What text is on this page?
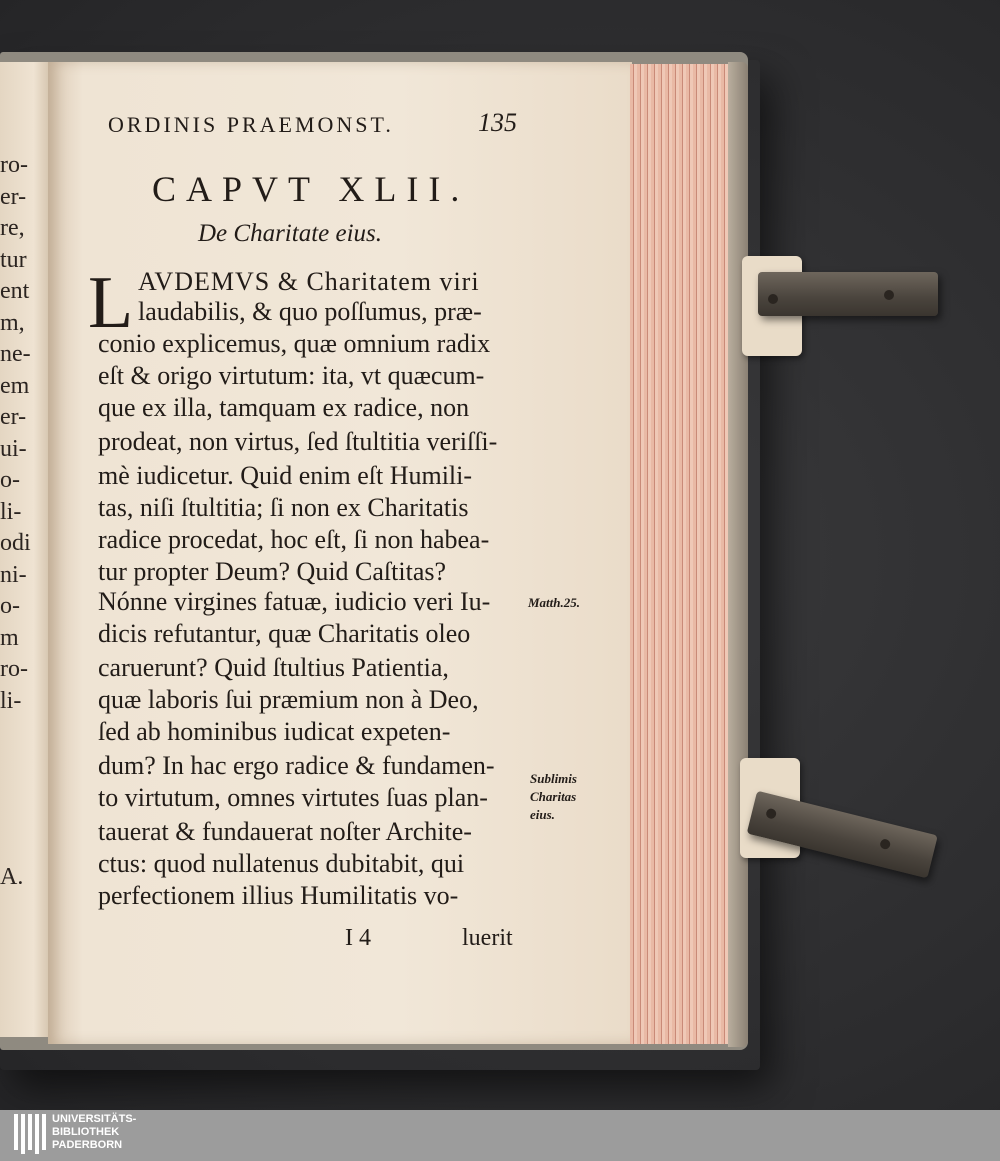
ro-
er-
re,
tur
ent
m,
ne-
em
er-
ui-
o-
li-
odi
ni-
o-
m
ro-
li-
A.
ORDINIS PRAEMONST.	135
CAPVT XLII.
De Charitate eius.
L AVDEMVS & Charitatem viri
laudabilis, & quo poſſumus, præ-
conio explicemus, quæ omnium radix
eſt & origo virtutum: ita, vt quæcum-
que ex illa, tamquam ex radice, non
prodeat, non virtus, ſed ſtultitia veriſſi-
mè iudicetur. Quid enim eſt Humili-
tas, niſi ſtultitia; ſi non ex Charitatis
radice procedat, hoc eſt, ſi non habea-
tur propter Deum? Quid Caſtitas?
Nónne virgines fatuæ, iudicio veri Iu-
dicis refutantur, quæ Charitatis oleo
caruerunt? Quid ſtultius Patientia,
quæ laboris ſui præmium non à Deo,
ſed ab hominibus iudicat expeten-
dum? In hac ergo radice & fundamen-
to virtutum, omnes virtutes ſuas plan-
tauerat & fundauerat noſter Archite-
ctus: quod nullatenus dubitabit, qui
perfectionem illius Humilitatis vo-
Matth.25.
Sublimis
Charitas
eius.
I 4	luerit
UNIVERSITÄTS-
BIBLIOTHEK
PADERBORN
